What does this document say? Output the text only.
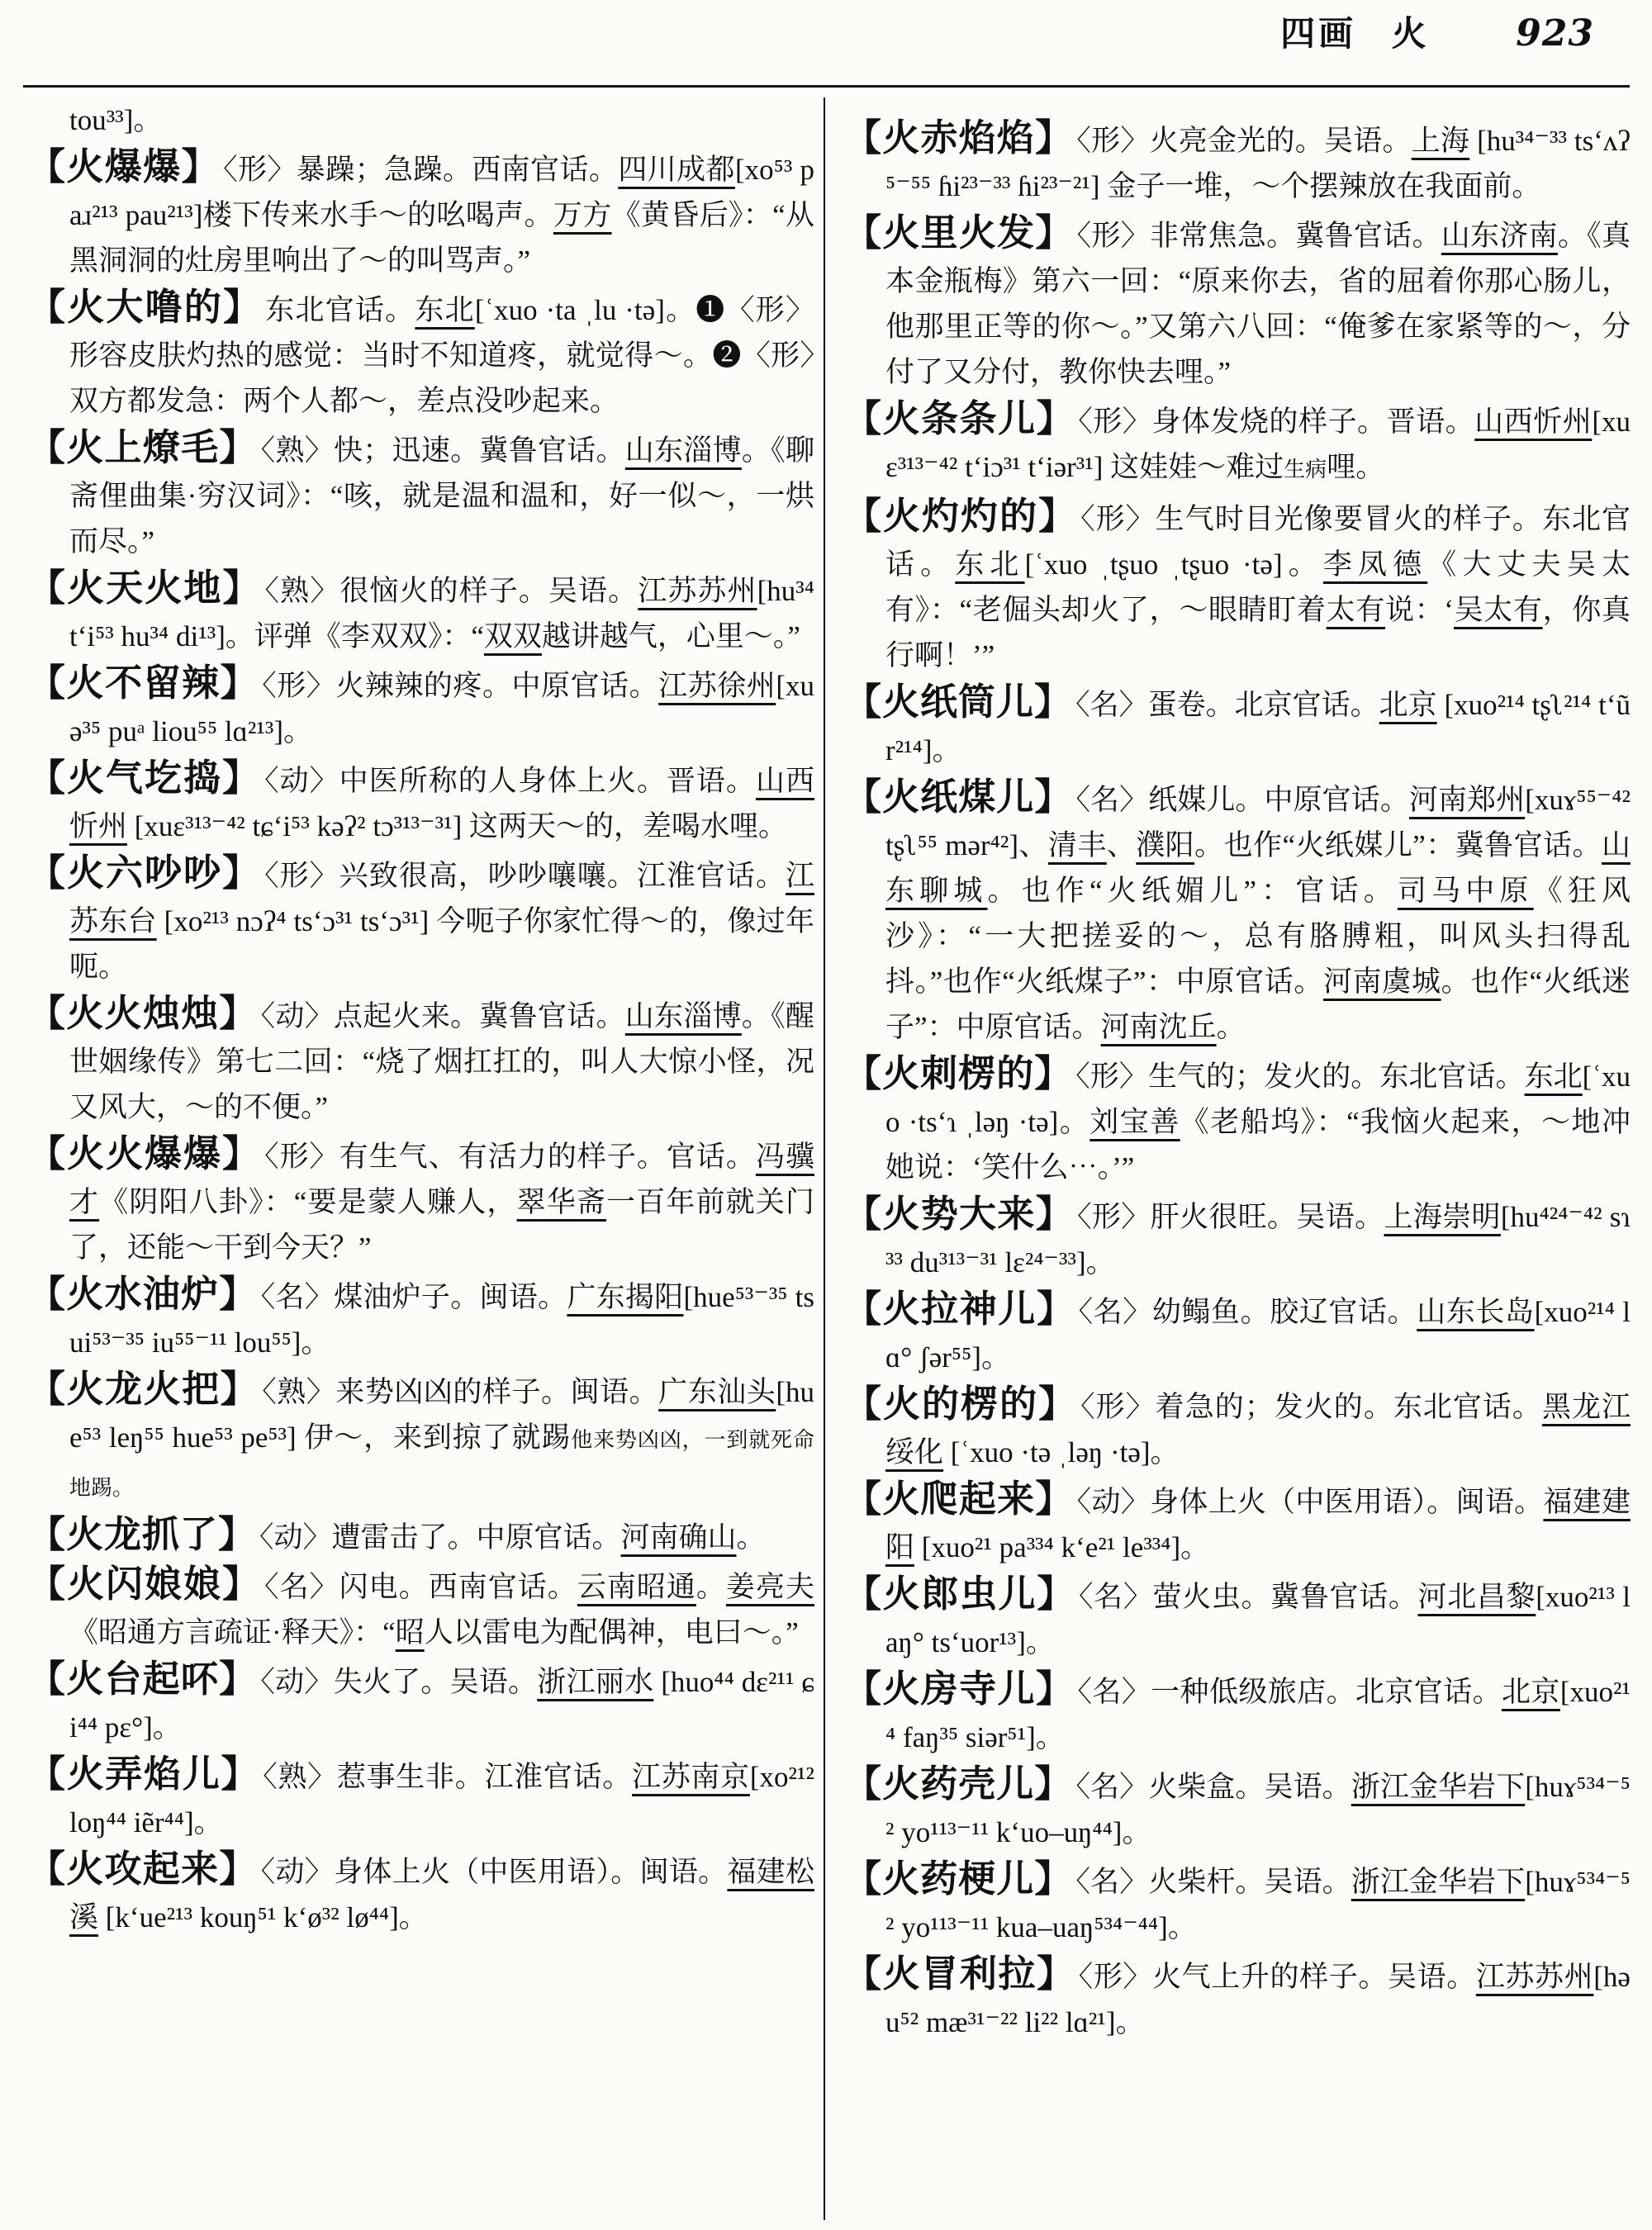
四画 火 923

tou³³]。

【火爆爆】 〈形〉暴躁；急躁。西南官话。四川成都[xo⁵³ paɹ²¹³ pau²¹³]楼下传来水手～的吆喝声。万方《黄昏后》：“从黑洞洞的灶房里响出了～的叫骂声。”

【火大噜的】 东北官话。东北[ʿxuo ·ta ˌlu ·tə]。❶〈形〉形容皮肤灼热的感觉：当时不知道疼，就觉得～。❷〈形〉双方都发急：两个人都～，差点没吵起来。

【火上燎毛】 〈熟〉快；迅速。冀鲁官话。山东淄博。《聊斋俚曲集·穷汉词》：“咳，就是温和温和，好一似～，一烘而尽。”

【火天火地】 〈熟〉很恼火的样子。吴语。江苏苏州[hu³⁴ t‘i⁵³ hu³⁴ di¹³]。评弹《李双双》：“双双越讲越气，心里～。”

【火不留辣】 〈形〉火辣辣的疼。中原官话。江苏徐州[xuə³⁵ puᵃ liou⁵⁵ lɑ²¹³]。

【火气圪捣】 〈动〉中医所称的人身体上火。晋语。山西忻州 [xuɛ³¹³⁻⁴² tɕ‘i⁵³ kəʔ² tɔ³¹³⁻³¹] 这两天～的，差喝水哩。

【火六吵吵】 〈形〉兴致很高，吵吵嚷嚷。江淮官话。江苏东台 [xo²¹³ nɔʔ⁴ ts‘ɔ³¹ ts‘ɔ³¹] 今呃子你家忙得～的，像过年呃。

【火火烛烛】 〈动〉点起火来。冀鲁官话。山东淄博。《醒世姻缘传》第七二回：“烧了烟扛扛的，叫人大惊小怪，况又风大，～的不便。”

【火火爆爆】 〈形〉有生气、有活力的样子。官话。冯骥才《阴阳八卦》：“要是蒙人赚人，翠华斋一百年前就关门了，还能～干到今天？”

【火水油炉】 〈名〉煤油炉子。闽语。广东揭阳[hue⁵³⁻³⁵ tsui⁵³⁻³⁵ iu⁵⁵⁻¹¹ lou⁵⁵]。

【火龙火把】 〈熟〉来势凶凶的样子。闽语。广东汕头[hue⁵³ leŋ⁵⁵ hue⁵³ pe⁵³] 伊～，来到掠了就踢他来势凶凶，一到就死命地踢。

【火龙抓了】 〈动〉遭雷击了。中原官话。河南确山。

【火闪娘娘】 〈名〉闪电。西南官话。云南昭通。姜亮夫《昭通方言疏证·释天》：“昭人以雷电为配偶神，电曰～。”

【火台起吥】 〈动〉失火了。吴语。浙江丽水 [huo⁴⁴ dɛ²¹¹ ɕi⁴⁴ pɛ°]。

【火弄焰儿】 〈熟〉惹事生非。江淮官话。江苏南京[xo²¹² loŋ⁴⁴ iẽr⁴⁴]。

【火攻起来】 〈动〉身体上火（中医用语）。闽语。福建松溪 [k‘ue²¹³ kouŋ⁵¹ k‘ø³² lø⁴⁴]。

【火赤焰焰】 〈形〉火亮金光的。吴语。上海 [hu³⁴⁻³³ ts‘ʌʔ⁵⁻⁵⁵ ɦi²³⁻³³ ɦi²³⁻²¹] 金子一堆，～个摆辣放在我面前。

【火里火发】 〈形〉非常焦急。冀鲁官话。山东济南。《真本金瓶梅》第六一回：“原来你去，省的屈着你那心肠儿，他那里正等的你～。”又第六八回：“俺爹在家紧等的～，分付了又分付，教你快去哩。”

【火条条儿】 〈形〉身体发烧的样子。晋语。山西忻州[xuɛ³¹³⁻⁴² t‘iɔ³¹ t‘iər³¹] 这娃娃～难过生病哩。

【火灼灼的】 〈形〉生气时目光像要冒火的样子。东北官话。东北[ʿxuo ˌtʂuo ˌtʂuo ·tə]。李凤德《大丈夫吴太有》：“老倔头却火了，～眼睛盯着太有说：‘吴太有，你真行啊！’”

【火纸筒儿】 〈名〉蛋卷。北京官话。北京 [xuo²¹⁴ tʂʅ²¹⁴ t‘ũr²¹⁴]。

【火纸煤儿】 〈名〉纸媒儿。中原官话。河南郑州[xuɤ⁵⁵⁻⁴² tʂʅ⁵⁵ mər⁴²]、清丰、濮阳。也作“火纸媒儿”：冀鲁官话。山东聊城。也作“火纸媚儿”：官话。司马中原《狂风沙》：“一大把搓妥的～，总有胳膊粗，叫风头扫得乱抖。”也作“火纸煤子”：中原官话。河南虞城。也作“火纸迷子”：中原官话。河南沈丘。

【火刺楞的】 〈形〉生气的；发火的。东北官话。东北[ʿxuo ·ts‘ɿ ˌləŋ ·tə]。刘宝善《老船坞》：“我恼火起来，～地冲她说：‘笑什么⋯。’”

【火势大来】 〈形〉肝火很旺。吴语。上海崇明[hu⁴²⁴⁻⁴² sɿ³³ du³¹³⁻³¹ lɛ²⁴⁻³³]。

【火拉神儿】 〈名〉幼鳎鱼。胶辽官话。山东长岛[xuo²¹⁴ lɑ° ʃər⁵⁵]。

【火的楞的】 〈形〉着急的；发火的。东北官话。黑龙江绥化 [ʿxuo ·tə ˌləŋ ·tə]。

【火爬起来】 〈动〉身体上火（中医用语）。闽语。福建建阳 [xuo²¹ pa³³⁴ k‘e²¹ le³³⁴]。

【火郎虫儿】 〈名〉萤火虫。冀鲁官话。河北昌黎[xuo²¹³ laŋ° ts‘uor¹³]。

【火房寺儿】 〈名〉一种低级旅店。北京官话。北京[xuo²¹⁴ faŋ³⁵ siər⁵¹]。

【火药壳儿】 〈名〉火柴盒。吴语。浙江金华岩下[huɤ⁵³⁴⁻⁵² yo¹¹³⁻¹¹ k‘uo–uŋ⁴⁴]。

【火药梗儿】 〈名〉火柴杆。吴语。浙江金华岩下[huɤ⁵³⁴⁻⁵² yo¹¹³⁻¹¹ kua–uaŋ⁵³⁴⁻⁴⁴]。

【火冒利拉】 〈形〉火气上升的样子。吴语。江苏苏州[həu⁵² mæ³¹⁻²² li²² lɑ²¹]。
